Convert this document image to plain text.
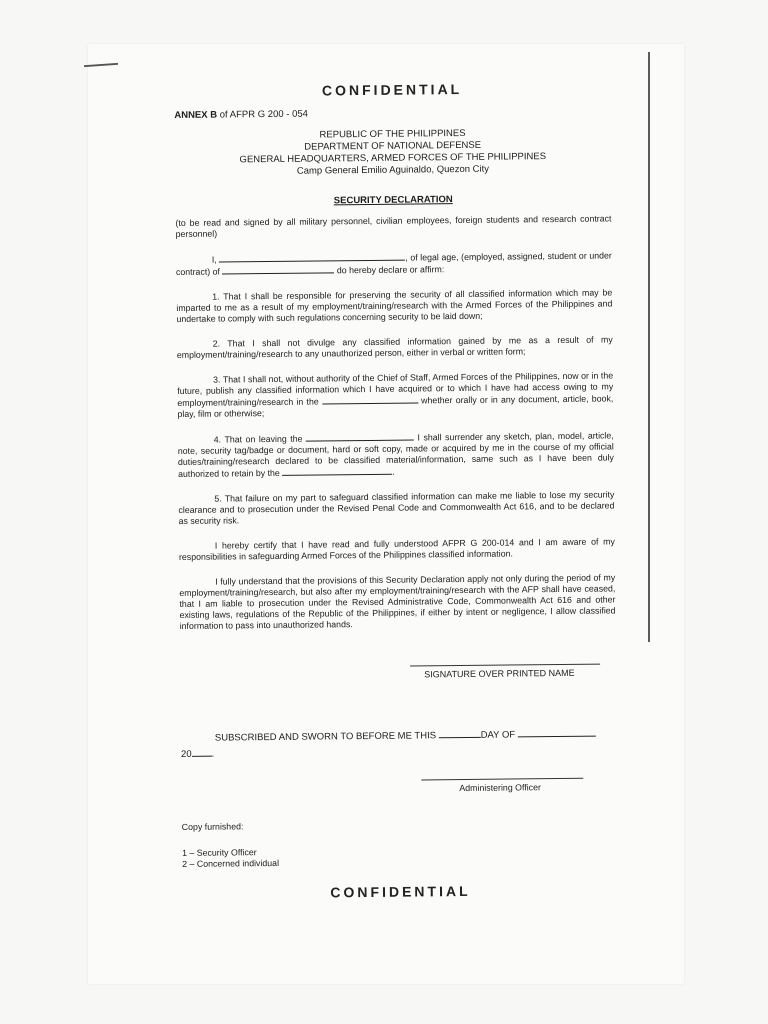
CONFIDENTIAL
ANNEX B of AFPR G 200 - 054
REPUBLIC OF THE PHILIPPINES
DEPARTMENT OF NATIONAL DEFENSE
GENERAL HEADQUARTERS, ARMED FORCES OF THE PHILIPPINES
Camp General Emilio Aguinaldo, Quezon City
SECURITY DECLARATION

(to be read and signed by all military personnel, civilian employees, foreign students and research contract personnel)

I,	, of legal age, (employed, assigned, student or under contract) of	do hereby declare or affirm:

1. That I shall be responsible for preserving the security of all classified information which may be imparted to me as a result of my employment/training/research with the Armed Forces of the Philippines and undertake to comply with such regulations concerning security to be laid down;

2. That I shall not divulge any classified information gained by me as a result of my employment/training/research to any unauthorized person, either in verbal or written form;

3. That I shall not, without authority of the Chief of Staff, Armed Forces of the Philippines, now or in the future, publish any classified information which I have acquired or to which I have had access owing to my employment/training/research in the	whether orally or in any document, article, book, play, film or otherwise;

4. That on leaving the	I shall surrender any sketch, plan, model, article, note, security tag/badge or document, hard or soft copy, made or acquired by me in the course of my official duties/training/research declared to be classified material/information, same such as I have been duly authorized to retain by the	.

5. That failure on my part to safeguard classified information can make me liable to lose my security clearance and to prosecution under the Revised Penal Code and Commonwealth Act 616, and to be declared as security risk.

I hereby certify that I have read and fully understood AFPR G 200-014 and I am aware of my responsibilities in safeguarding Armed Forces of the Philippines classified information.

I fully understand that the provisions of this Security Declaration apply not only during the period of my employment/training/research, but also after my employment/training/research with the AFP shall have ceased, that I am liable to prosecution under the Revised Administrative Code, Commonwealth Act 616 and other existing laws, regulations of the Republic of the Philippines, if either by intent or negligence, I allow classified information to pass into unauthorized hands.

SIGNATURE OVER PRINTED NAME
SUBSCRIBED AND SWORN TO BEFORE ME THIS	DAY OF
20 .
Administering Officer
Copy furnished:
1 – Security Officer
2 – Concerned individual
CONFIDENTIAL
